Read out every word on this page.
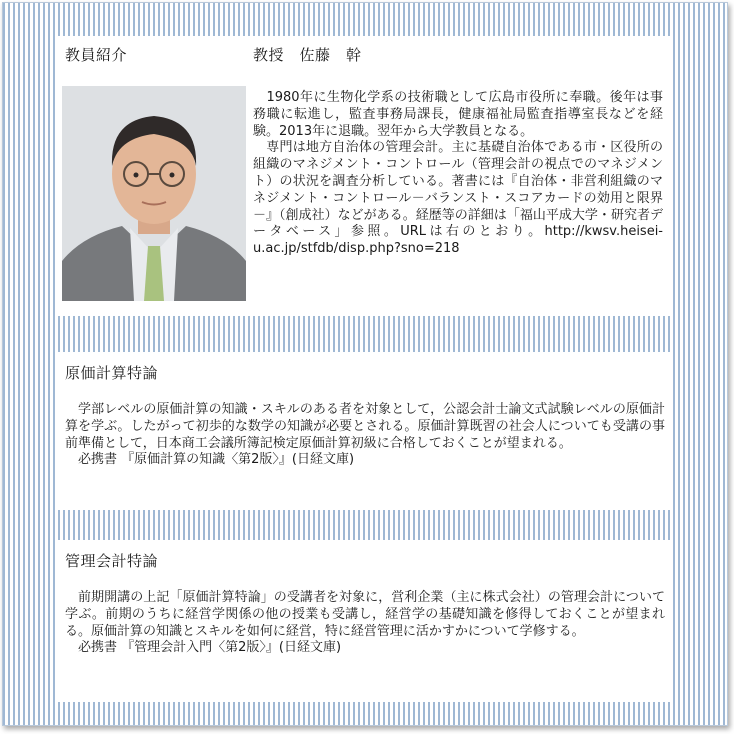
教員紹介	教授　佐藤　幹

　1980年に生物化学系の技術職として広島市役所に奉職。後年は事務職に転進し，監査事務局課長，健康福祉局監査指導室長などを経験。2013年に退職。翌年から大学教員となる。

　専門は地方自治体の管理会計。主に基礎自治体である市・区役所の組織のマネジメント・コントロール（管理会計の視点でのマネジメント）の状況を調査分析している。著書には『自治体・非営利組織のマネジメント・コントロール－バランスト・スコアカードの効用と限界－』（創成社）などがある。経歴等の詳細は「福山平成大学・研究者データベース」参照。URLは右のとおり。http://kwsv.heisei-u.ac.jp/stfdb/disp.php?sno=218

原価計算特論

　学部レベルの原価計算の知識・スキルのある者を対象として，公認会計士論文式試験レベルの原価計算を学ぶ。したがって初歩的な数学の知識が必要とされる。原価計算既習の社会人についても受講の事前準備として，日本商工会議所簿記検定原価計算初級に合格しておくことが望まれる。

　必携書 『原価計算の知識〈第2版〉』(日経文庫)

管理会計特論

　前期開講の上記「原価計算特論」の受講者を対象に，営利企業（主に株式会社）の管理会計について学ぶ。前期のうちに経営学関係の他の授業も受講し，経営学の基礎知識を修得しておくことが望まれる。原価計算の知識とスキルを如何に経営，特に経営管理に活かすかについて学修する。

　必携書 『管理会計入門〈第2版〉』(日経文庫)
